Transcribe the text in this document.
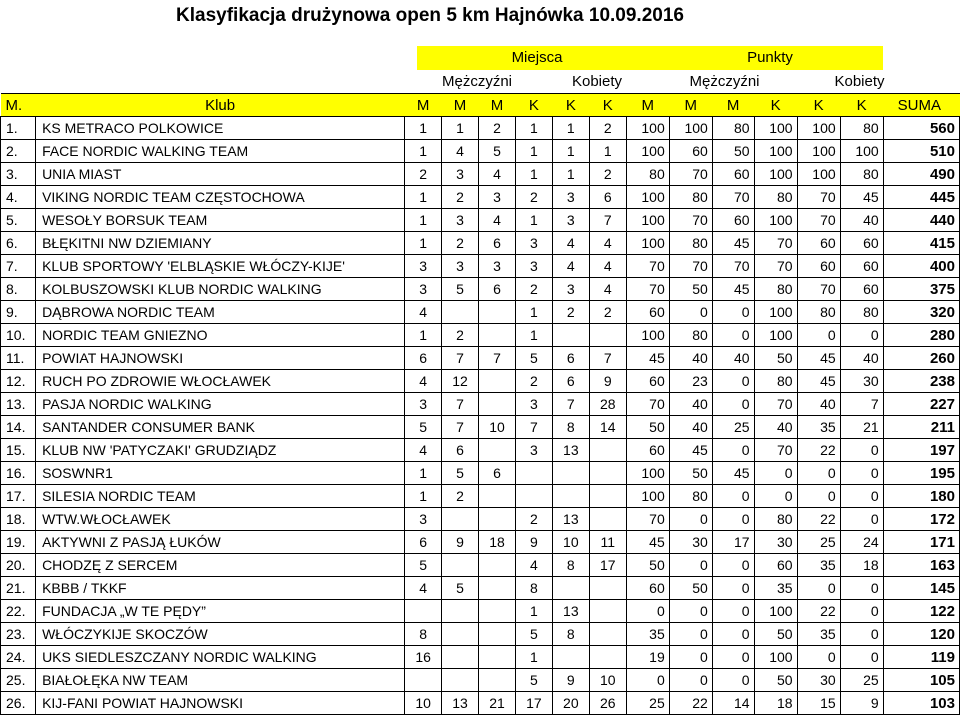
Klasyfikacja drużynowa open 5 km Hajnówka 10.09.2016
Miejsca	Punkty
Mężczyźni	Kobiety	Mężczyźni	Kobiety
M.	Klub	M	M	M	K	K	K	M	M	M	K	K	K	SUMA
1.	KS METRACO POLKOWICE	1	1	2	1	1	2	100	100	80	100	100	80	560
2.	FACE NORDIC WALKING TEAM	1	4	5	1	1	1	100	60	50	100	100	100	510
3.	UNIA MIAST	2	3	4	1	1	2	80	70	60	100	100	80	490
4.	VIKING NORDIC TEAM CZĘSTOCHOWA	1	2	3	2	3	6	100	80	70	80	70	45	445
5.	WESOŁY BORSUK TEAM	1	3	4	1	3	7	100	70	60	100	70	40	440
6.	BŁĘKITNI NW DZIEMIANY	1	2	6	3	4	4	100	80	45	70	60	60	415
7.	KLUB SPORTOWY 'ELBLĄSKIE WŁÓCZY-KIJE'	3	3	3	3	4	4	70	70	70	70	60	60	400
8.	KOLBUSZOWSKI KLUB NORDIC WALKING	3	5	6	2	3	4	70	50	45	80	70	60	375
9.	DĄBROWA NORDIC TEAM	4			1	2	2	60	0	0	100	80	80	320
10.	NORDIC TEAM GNIEZNO	1	2		1			100	80	0	100	0	0	280
11.	POWIAT HAJNOWSKI	6	7	7	5	6	7	45	40	40	50	45	40	260
12.	RUCH PO ZDROWIE WŁOCŁAWEK	4	12		2	6	9	60	23	0	80	45	30	238
13.	PASJA NORDIC WALKING	3	7		3	7	28	70	40	0	70	40	7	227
14.	SANTANDER CONSUMER BANK	5	7	10	7	8	14	50	40	25	40	35	21	211
15.	KLUB NW 'PATYCZAKI' GRUDZIĄDZ	4	6		3	13		60	45	0	70	22	0	197
16.	SOSWNR1	1	5	6				100	50	45	0	0	0	195
17.	SILESIA NORDIC TEAM	1	2					100	80	0	0	0	0	180
18.	WTW.WŁOCŁAWEK	3			2	13		70	0	0	80	22	0	172
19.	AKTYWNI Z PASJĄ ŁUKÓW	6	9	18	9	10	11	45	30	17	30	25	24	171
20.	CHODZĘ Z SERCEM	5			4	8	17	50	0	0	60	35	18	163
21.	KBBB / TKKF	4	5		8			60	50	0	35	0	0	145
22.	FUNDACJA „W TE PĘDY”				1	13		0	0	0	100	22	0	122
23.	WŁÓCZYKIJE SKOCZÓW	8			5	8		35	0	0	50	35	0	120
24.	UKS SIEDLESZCZANY NORDIC WALKING	16			1			19	0	0	100	0	0	119
25.	BIAŁOŁĘKA NW TEAM				5	9	10	0	0	0	50	30	25	105
26.	KIJ-FANI POWIAT HAJNOWSKI	10	13	21	17	20	26	25	22	14	18	15	9	103
